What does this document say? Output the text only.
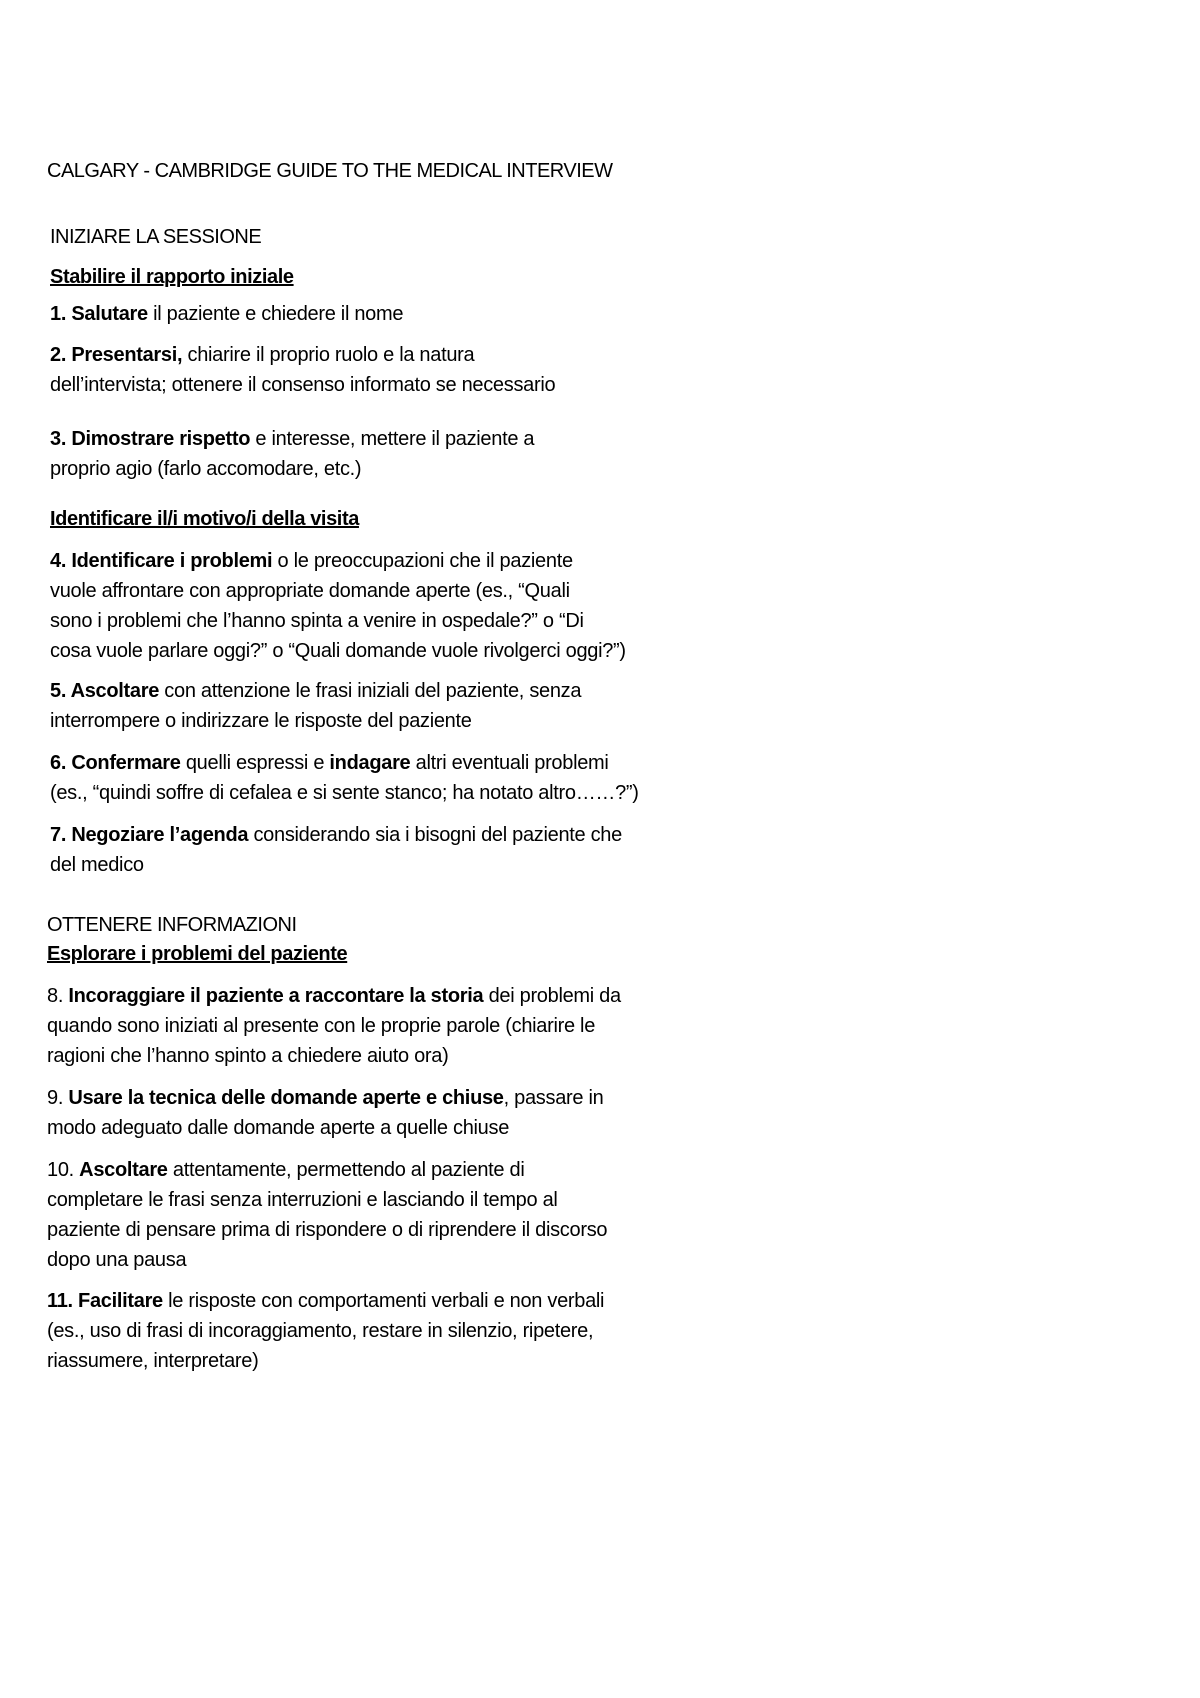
CALGARY - CAMBRIDGE GUIDE TO THE MEDICAL INTERVIEW
INIZIARE LA SESSIONE
Stabilire il rapporto iniziale
1. Salutare il paziente e chiedere il nome
2. Presentarsi, chiarire il proprio ruolo e la natura
dell’intervista; ottenere il consenso informato se necessario
3. Dimostrare rispetto e interesse, mettere il paziente a
proprio agio (farlo accomodare, etc.)
Identificare il/i motivo/i della visita
4. Identificare i problemi o le preoccupazioni che il paziente
vuole affrontare con appropriate domande aperte (es., “Quali
sono i problemi che l’hanno spinta a venire in ospedale?” o “Di
cosa vuole parlare oggi?” o “Quali domande vuole rivolgerci oggi?”)
5. Ascoltare con attenzione le frasi iniziali del paziente, senza
interrompere o indirizzare le risposte del paziente
6. Confermare quelli espressi e indagare altri eventuali problemi
(es., “quindi soffre di cefalea e si sente stanco; ha notato altro……?”)
7. Negoziare l’agenda considerando sia i bisogni del paziente che
del medico
OTTENERE INFORMAZIONI
Esplorare i problemi del paziente
8. Incoraggiare il paziente a raccontare la storia dei problemi da
quando sono iniziati al presente con le proprie parole (chiarire le
ragioni che l’hanno spinto a chiedere aiuto ora)
9. Usare la tecnica delle domande aperte e chiuse, passare in
modo adeguato dalle domande aperte a quelle chiuse
10. Ascoltare attentamente, permettendo al paziente di
completare le frasi senza interruzioni e lasciando il tempo al
paziente di pensare prima di rispondere o di riprendere il discorso
dopo una pausa
11. Facilitare le risposte con comportamenti verbali e non verbali
(es., uso di frasi di incoraggiamento, restare in silenzio, ripetere,
riassumere, interpretare)
